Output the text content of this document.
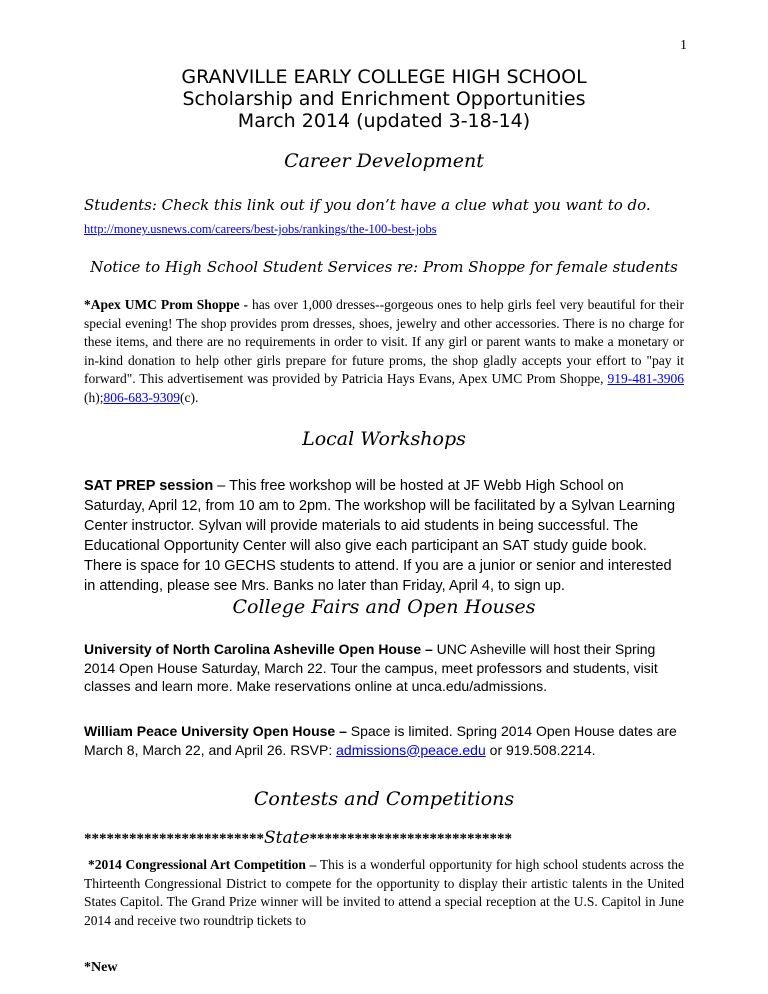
1
GRANVILLE EARLY COLLEGE HIGH SCHOOL
Scholarship and Enrichment Opportunities
March 2014 (updated 3-18-14)
Career Development
Students: Check this link out if you don’t have a clue what you want to do.
http://money.usnews.com/careers/best-jobs/rankings/the-100-best-jobs
Notice to High School Student Services re: Prom Shoppe for female students
*Apex UMC Prom Shoppe - has over 1,000 dresses--gorgeous ones to help girls feel very beautiful for their special evening! The shop provides prom dresses, shoes, jewelry and other accessories. There is no charge for these items, and there are no requirements in order to visit. If any girl or parent wants to make a monetary or in-kind donation to help other girls prepare for future proms, the shop gladly accepts your effort to "pay it forward". This advertisement was provided by Patricia Hays Evans, Apex UMC Prom Shoppe, 919-481-3906 (h);806-683-9309(c).
Local Workshops
SAT PREP session – This free workshop will be hosted at JF Webb High School on Saturday, April 12, from 10 am to 2pm. The workshop will be facilitated by a Sylvan Learning Center instructor. Sylvan will provide materials to aid students in being successful. The Educational Opportunity Center will also give each participant an SAT study guide book. There is space for 10 GECHS students to attend. If you are a junior or senior and interested in attending, please see Mrs. Banks no later than Friday, April 4, to sign up.
College Fairs and Open Houses
University of North Carolina Asheville Open House – UNC Asheville will host their Spring 2014 Open House Saturday, March 22. Tour the campus, meet professors and students, visit classes and learn more. Make reservations online at unca.edu/admissions.
William Peace University Open House – Space is limited. Spring 2014 Open House dates are March 8, March 22, and April 26. RSVP: admissions@peace.edu or 919.508.2214.
Contests and Competitions
************************State***************************
*2014 Congressional Art Competition – This is a wonderful opportunity for high school students across the Thirteenth Congressional District to compete for the opportunity to display their artistic talents in the United States Capitol. The Grand Prize winner will be invited to attend a special reception at the U.S. Capitol in June 2014 and receive two roundtrip tickets to
*New
